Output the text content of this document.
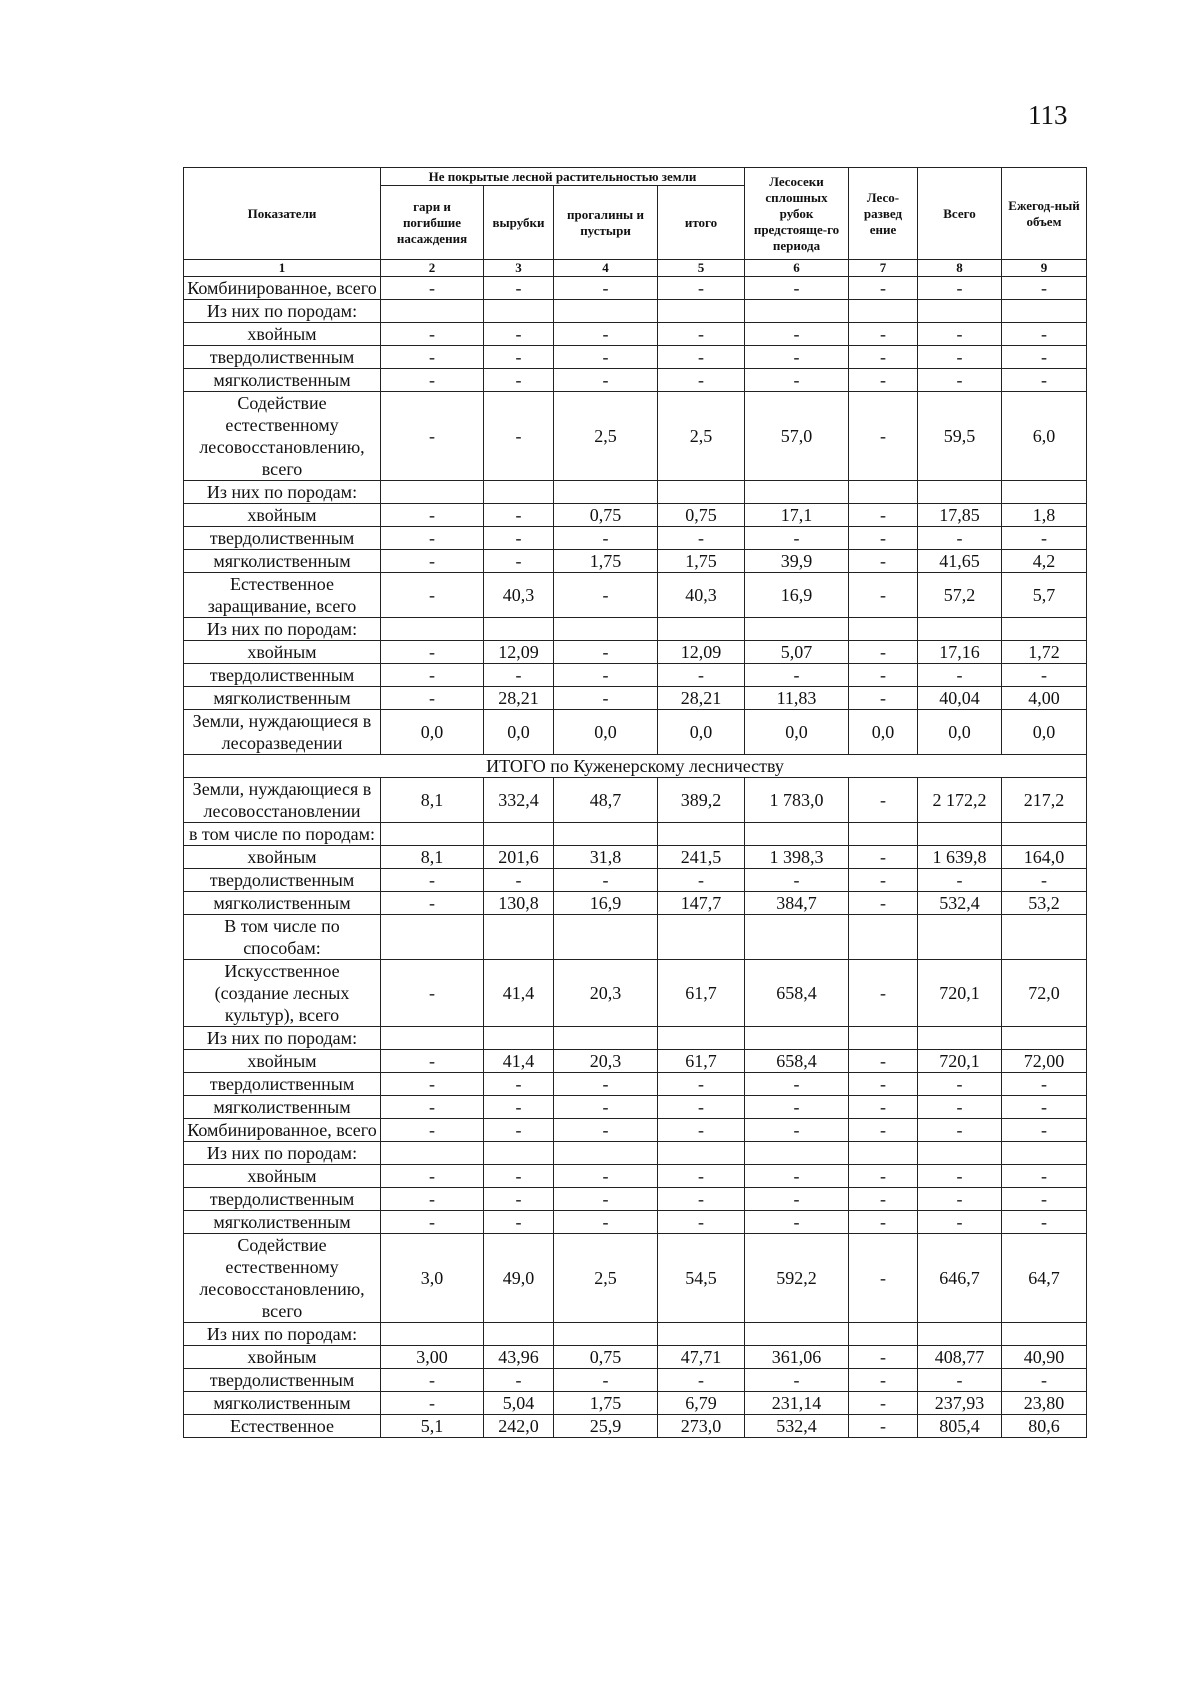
113
Показатели	Не покрытые лесной растительностью земли				Лесосеки сплошных рубок предстояще-го периода	Лесо-развед ение	Всего	Ежегод-ный объем
	гари и погибшие насаждения	вырубки	прогалины и пустыри	итого				
1	2	3	4	5	6	7	8	9
Комбинированное, всего	-	-	-	-	-	-	-	-
Из них по породам:								
хвойным	-	-	-	-	-	-	-	-
твердолиственным	-	-	-	-	-	-	-	-
мягколиственным	-	-	-	-	-	-	-	-
Содействие естественному лесовосстановлению, всего	-	-	2,5	2,5	57,0	-	59,5	6,0
Из них по породам:								
хвойным	-	-	0,75	0,75	17,1	-	17,85	1,8
твердолиственным	-	-	-	-	-	-	-	-
мягколиственным	-	-	1,75	1,75	39,9	-	41,65	4,2
Естественное заращивание, всего	-	40,3	-	40,3	16,9	-	57,2	5,7
Из них по породам:								
хвойным	-	12,09	-	12,09	5,07	-	17,16	1,72
твердолиственным	-	-	-	-	-	-	-	-
мягколиственным	-	28,21	-	28,21	11,83	-	40,04	4,00
Земли, нуждающиеся в лесоразведении	0,0	0,0	0,0	0,0	0,0	0,0	0,0	0,0
ИТОГО по Куженерскому лесничеству								
Земли, нуждающиеся в лесовосстановлении	8,1	332,4	48,7	389,2	1 783,0	-	2 172,2	217,2
в том числе по породам:								
хвойным	8,1	201,6	31,8	241,5	1 398,3	-	1 639,8	164,0
твердолиственным	-	-	-	-	-	-	-	-
мягколиственным	-	130,8	16,9	147,7	384,7	-	532,4	53,2
В том числе по способам:								
Искусственное (создание лесных культур), всего	-	41,4	20,3	61,7	658,4	-	720,1	72,0
Из них по породам:								
хвойным	-	41,4	20,3	61,7	658,4	-	720,1	72,00
твердолиственным	-	-	-	-	-	-	-	-
мягколиственным	-	-	-	-	-	-	-	-
Комбинированное, всего	-	-	-	-	-	-	-	-
Из них по породам:								
хвойным	-	-	-	-	-	-	-	-
твердолиственным	-	-	-	-	-	-	-	-
мягколиственным	-	-	-	-	-	-	-	-
Содействие естественному лесовосстановлению, всего	3,0	49,0	2,5	54,5	592,2	-	646,7	64,7
Из них по породам:								
хвойным	3,00	43,96	0,75	47,71	361,06	-	408,77	40,90
твердолиственным	-	-	-	-	-	-	-	-
мягколиственным	-	5,04	1,75	6,79	231,14	-	237,93	23,80
Естественное	5,1	242,0	25,9	273,0	532,4	-	805,4	80,6
